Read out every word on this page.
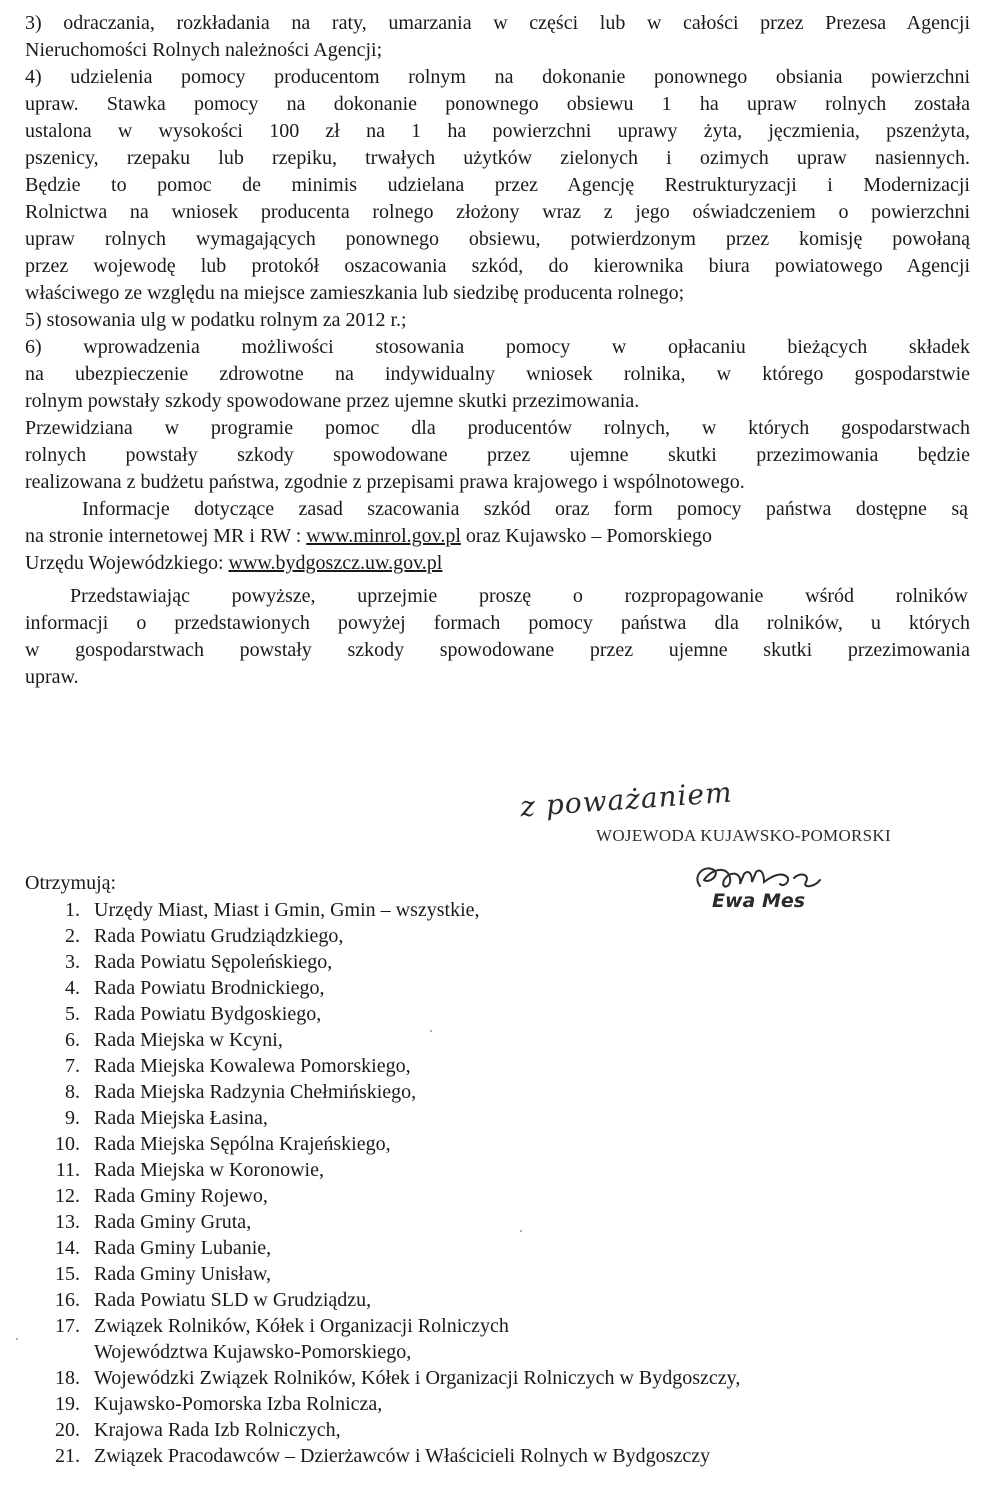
3) odraczania, rozkładania na raty, umarzania w części lub w całości przez Prezesa Agencji
Nieruchomości Rolnych należności Agencji;
4) udzielenia pomocy producentom rolnym na dokonanie ponownego obsiania powierzchni
upraw. Stawka pomocy na dokonanie ponownego obsiewu 1 ha upraw rolnych została
ustalona w wysokości 100 zł na 1 ha powierzchni uprawy żyta, jęczmienia, pszenżyta,
pszenicy, rzepaku lub rzepiku, trwałych użytków zielonych i ozimych upraw nasiennych.
Będzie to pomoc de minimis udzielana przez Agencję Restrukturyzacji i Modernizacji
Rolnictwa na wniosek producenta rolnego złożony wraz z jego oświadczeniem o powierzchni
upraw rolnych wymagających ponownego obsiewu, potwierdzonym przez komisję powołaną
przez wojewodę lub protokół oszacowania szkód, do kierownika biura powiatowego Agencji
właściwego ze względu na miejsce zamieszkania lub siedzibę producenta rolnego;
5) stosowania ulg w podatku rolnym za 2012 r.;
6) wprowadzenia możliwości stosowania pomocy w opłacaniu bieżących składek
na ubezpieczenie zdrowotne na indywidualny wniosek rolnika, w którego gospodarstwie
rolnym powstały szkody spowodowane przez ujemne skutki przezimowania.
Przewidziana w programie pomoc dla producentów rolnych, w których gospodarstwach
rolnych powstały szkody spowodowane przez ujemne skutki przezimowania będzie
realizowana z budżetu państwa, zgodnie z przepisami prawa krajowego i wspólnotowego.
Informacje dotyczące zasad szacowania szkód oraz form pomocy państwa dostępne są
na stronie internetowej MR i RW : www.minrol.gov.pl oraz Kujawsko – Pomorskiego
Urzędu Wojewódzkiego: www.bydgoszcz.uw.gov.pl
Przedstawiając powyższe, uprzejmie proszę o rozpropagowanie wśród rolników
informacji o przedstawionych powyżej formach pomocy państwa dla rolników, u których
w gospodarstwach powstały szkody spowodowane przez ujemne skutki przezimowania
upraw.
z poważaniem
WOJEWODA KUJAWSKO-POMORSKI
Ewa Mes
Otrzymują:
1. Urzędy Miast, Miast i Gmin, Gmin – wszystkie,
2. Rada Powiatu Grudziądzkiego,
3. Rada Powiatu Sępoleńskiego,
4. Rada Powiatu Brodnickiego,
5. Rada Powiatu Bydgoskiego,
6. Rada Miejska w Kcyni,
7. Rada Miejska Kowalewa Pomorskiego,
8. Rada Miejska Radzynia Chełmińskiego,
9. Rada Miejska Łasina,
10. Rada Miejska Sępólna Krajeńskiego,
11. Rada Miejska w Koronowie,
12. Rada Gminy Rojewo,
13. Rada Gminy Gruta,
14. Rada Gminy Lubanie,
15. Rada Gminy Unisław,
16. Rada Powiatu SLD w Grudziądzu,
17. Związek Rolników, Kółek i Organizacji Rolniczych
Województwa Kujawsko-Pomorskiego,
18. Wojewódzki Związek Rolników, Kółek i Organizacji Rolniczych w Bydgoszczy,
19. Kujawsko-Pomorska Izba Rolnicza,
20. Krajowa Rada Izb Rolniczych,
21. Związek Pracodawców – Dzierżawców i Właścicieli Rolnych w Bydgoszczy
